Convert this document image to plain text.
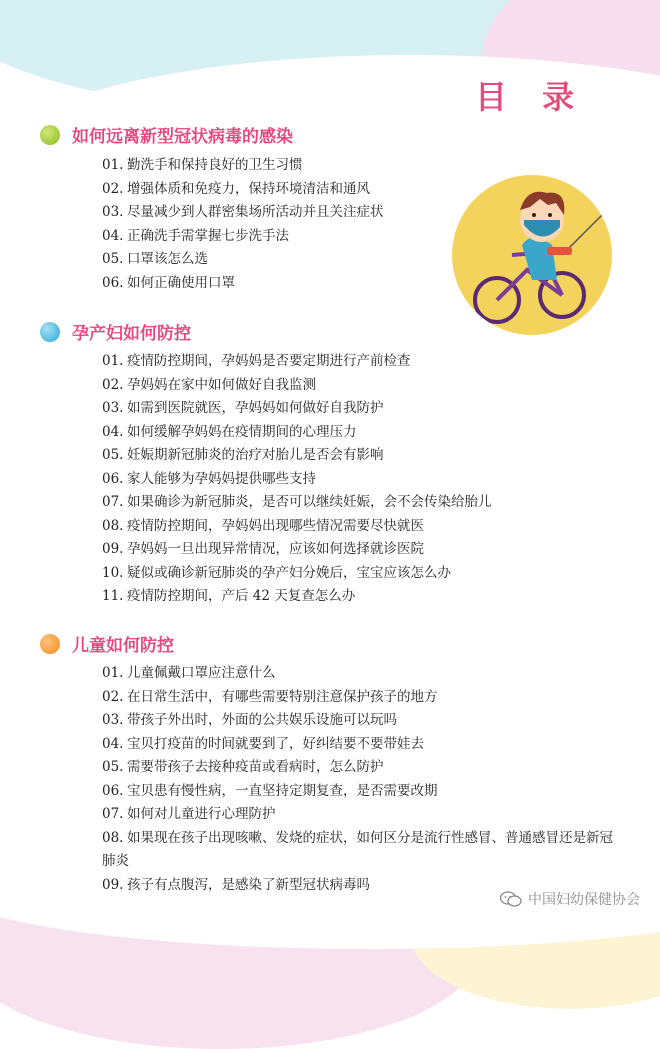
目 录
如何远离新型冠状病毒的感染
01. 勤洗手和保持良好的卫生习惯
02. 增强体质和免疫力，保持环境清洁和通风
03. 尽量减少到人群密集场所活动并且关注症状
04. 正确洗手需掌握七步洗手法
05. 口罩该怎么选
06. 如何正确使用口罩
孕产妇如何防控
01. 疫情防控期间，孕妈妈是否要定期进行产前检查
02. 孕妈妈在家中如何做好自我监测
03. 如需到医院就医，孕妈妈如何做好自我防护
04. 如何缓解孕妈妈在疫情期间的心理压力
05. 妊娠期新冠肺炎的治疗对胎儿是否会有影响
06. 家人能够为孕妈妈提供哪些支持
07. 如果确诊为新冠肺炎，是否可以继续妊娠，会不会传染给胎儿
08. 疫情防控期间，孕妈妈出现哪些情况需要尽快就医
09. 孕妈妈一旦出现异常情况，应该如何选择就诊医院
10. 疑似或确诊新冠肺炎的孕产妇分娩后，宝宝应该怎么办
11. 疫情防控期间，产后 42 天复查怎么办
儿童如何防控
01. 儿童佩戴口罩应注意什么
02. 在日常生活中，有哪些需要特别注意保护孩子的地方
03. 带孩子外出时，外面的公共娱乐设施可以玩吗
04. 宝贝打疫苗的时间就要到了，好纠结要不要带娃去
05. 需要带孩子去接种疫苗或看病时，怎么防护
06. 宝贝患有慢性病，一直坚持定期复查，是否需要改期
07. 如何对儿童进行心理防护
08. 如果现在孩子出现咳嗽、发烧的症状，如何区分是流行性感冒、普通感冒还是新冠肺炎
09. 孩子有点腹泻，是感染了新型冠状病毒吗
中国妇幼保健协会
